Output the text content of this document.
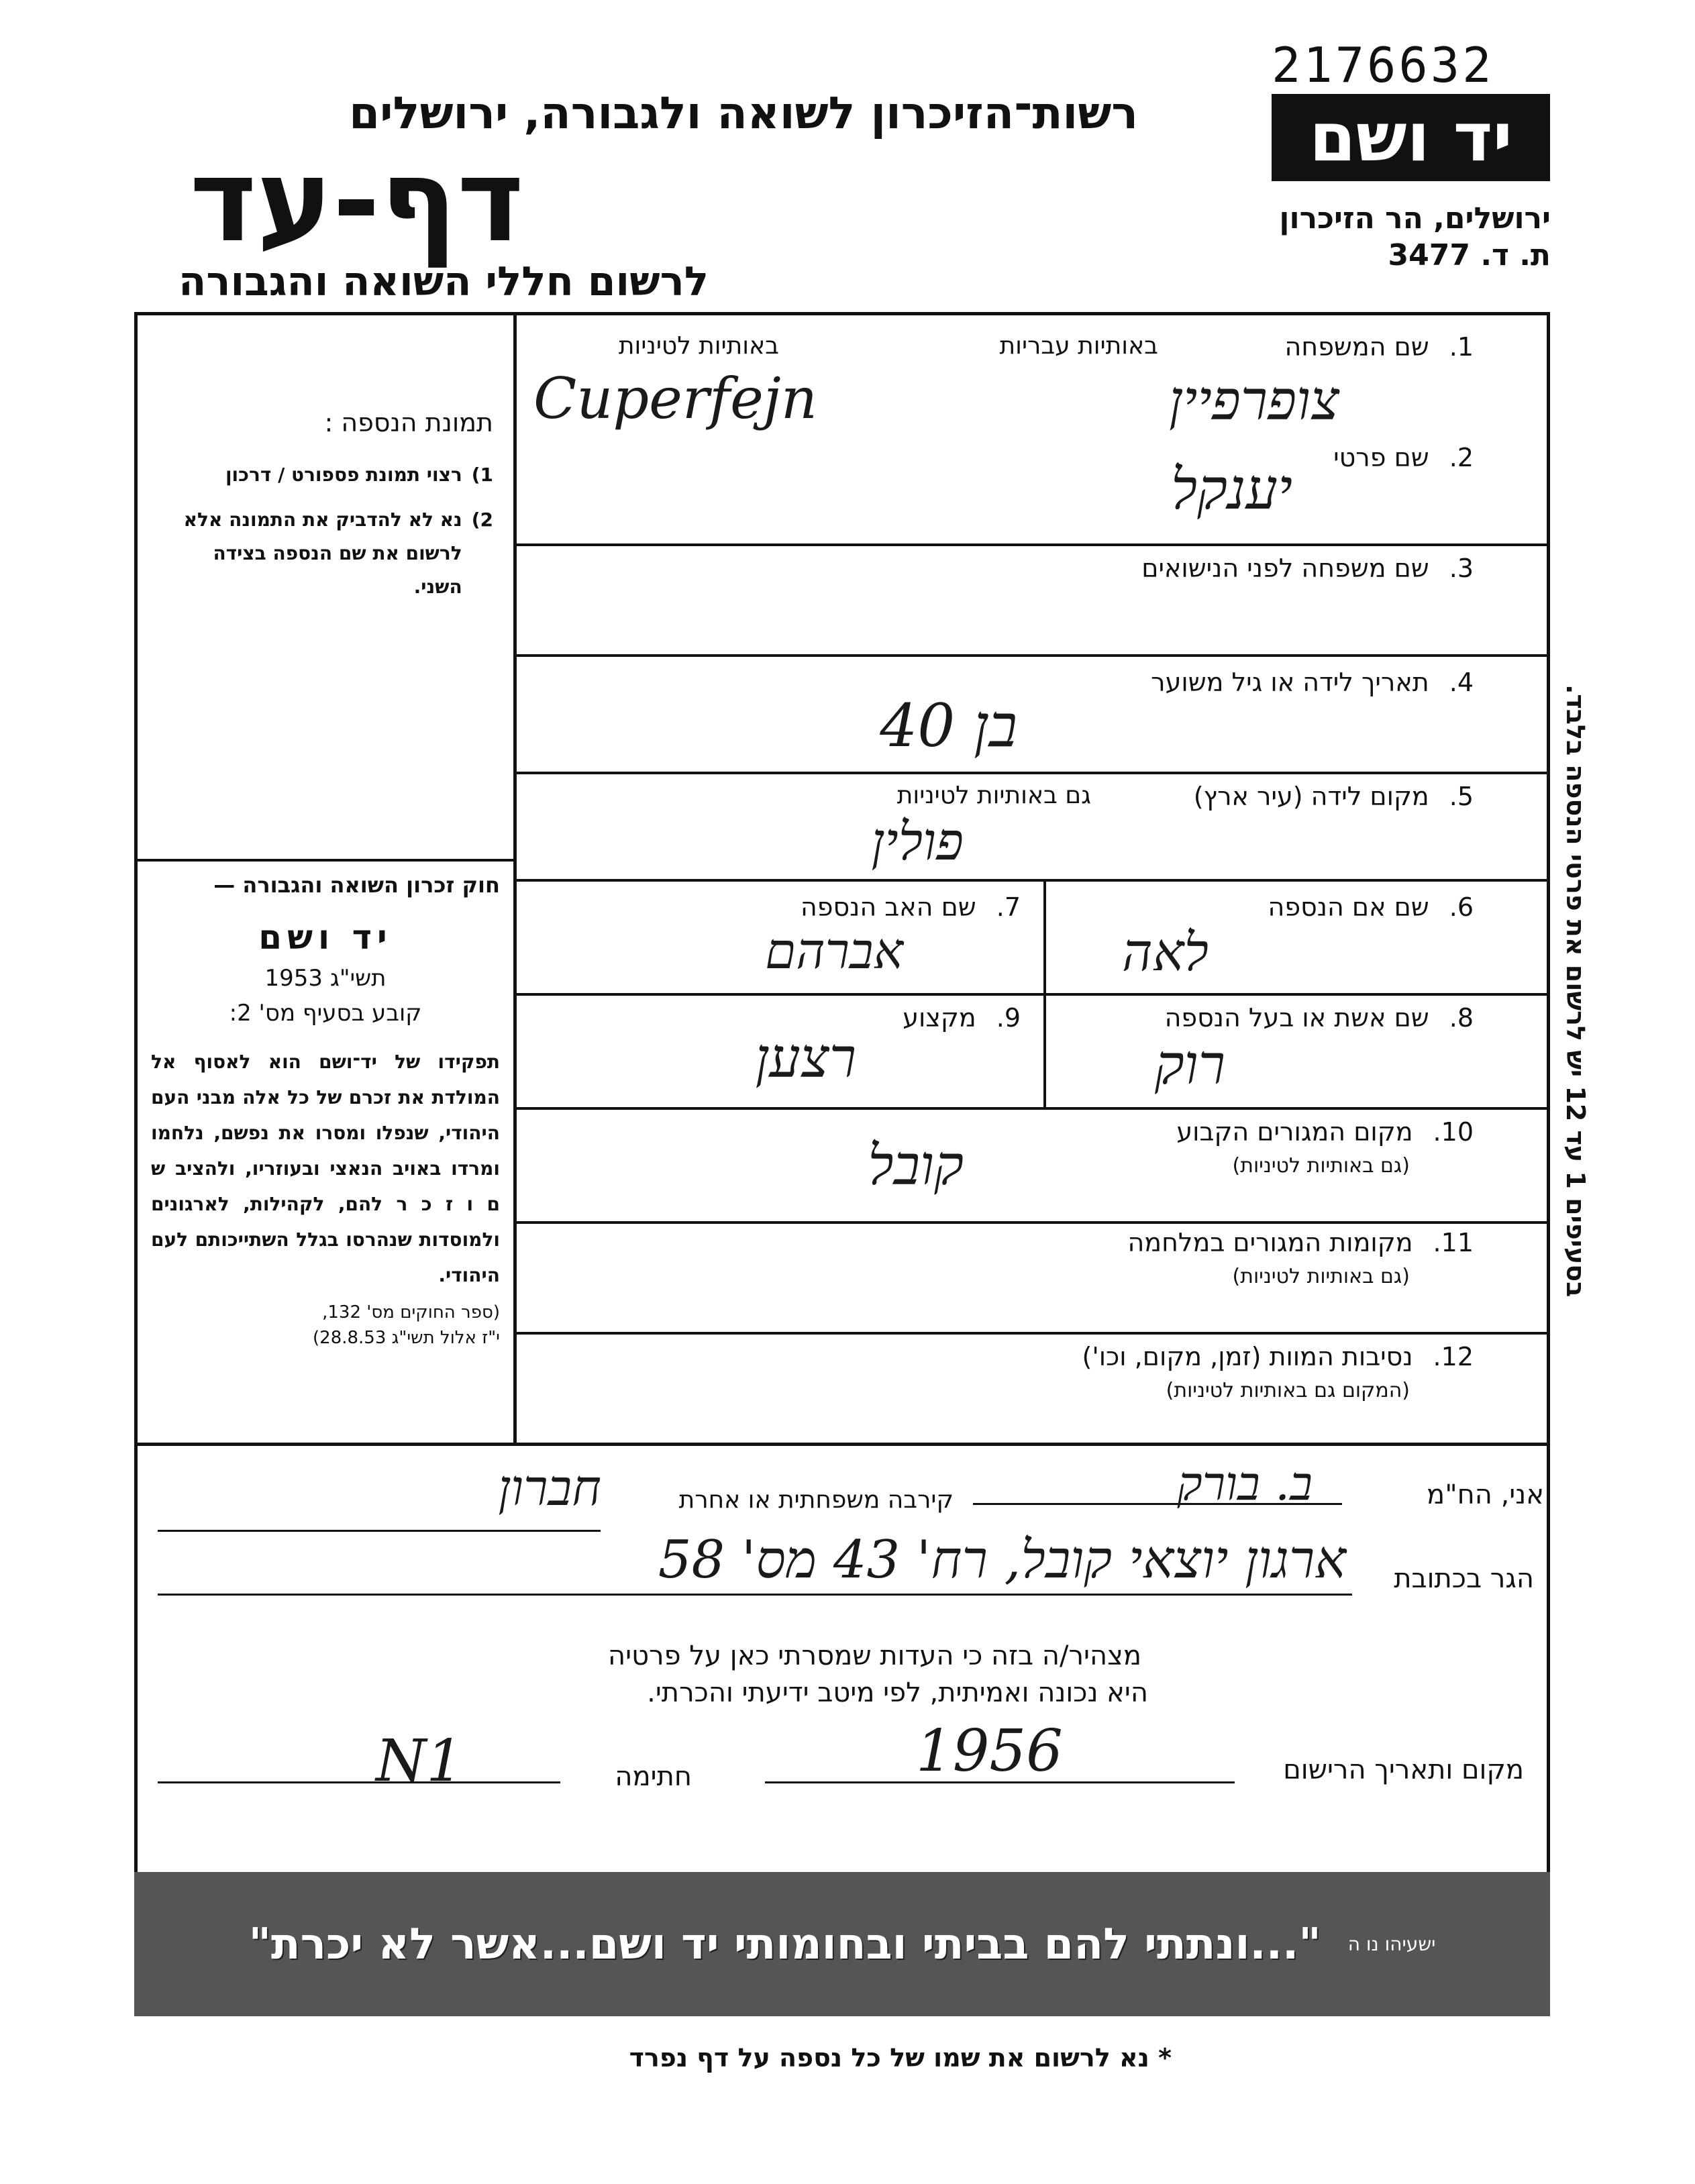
2176632
רשות־הזיכרון לשואה ולגבורה, ירושלים
דף-עד
לרשום חללי השואה והגבורה
יד ושם
ירושלים, הר הזיכרון
ת. ד. 3477
תמונת הנספה :
1)
רצוי תמונת פספורט / דרכון
2)
נא לא להדביק את התמונה אלא לרשום את שם הנספה בצידה השני.
חוק זכרון השואה והגבורה —
יד ושם
תשי"ג 1953
קובע בסעיף מס' 2:
תפקידו של יד־ושם הוא לאסוף אל המולדת את זכרם של כל אלה מבני העם היהודי, שנפלו ומסרו את נפשם, נלחמו ומרדו באויב הנאצי ובעוזריו, ולהציב ש ם ו ז כ ר להם, לקהילות, לארגונים ולמוסדות שנהרסו בגלל השתייכותם לעם היהודי.
(ספר החוקים מס' 132,
י"ז אלול תשי"ג 28.8.53)
בסעיפים 1 עד 12 יש לרשום את פרטי הנספה בלבד.
1.
שם המשפחה
באותיות עבריות
באותיות לטיניות
צופרפיין
Cuperfejn
2.
שם פרטי
יענקל
3.
שם משפחה לפני הנישואים
4.
תאריך לידה או גיל משוער
בן 40
5.
מקום לידה (עיר ארץ)
גם באותיות לטיניות
פולין
6.
שם אם הנספה
לאה
7.
שם האב הנספה
אברהם
8.
שם אשת או בעל הנספה
רוק
9.
מקצוע
רצען
10.
מקום המגורים הקבוע
(גם באותיות לטיניות)
קובל
11.
מקומות המגורים במלחמה
(גם באותיות לטיניות)
12.
נסיבות המוות (זמן, מקום, וכו')
(המקום גם באותיות לטיניות)
אני, הח"מ
ב. בורק
קירבה משפחתית או אחרת
חברון
הגר בכתובת
ארגון יוצאי קובל, רח' 43 מס' 58
מצהיר/ה בזה כי העדות שמסרתי כאן על פרטיה
היא נכונה ואמיתית, לפי מיטב ידיעתי והכרתי.
מקום ותאריך הרישום
1956
חתימה
N1
"...ונתתי להם בביתי ובחומותי יד ושם...אשר לא יכרת" ישעיהו נו ה
* נא לרשום את שמו של כל נספה על דף נפרד
